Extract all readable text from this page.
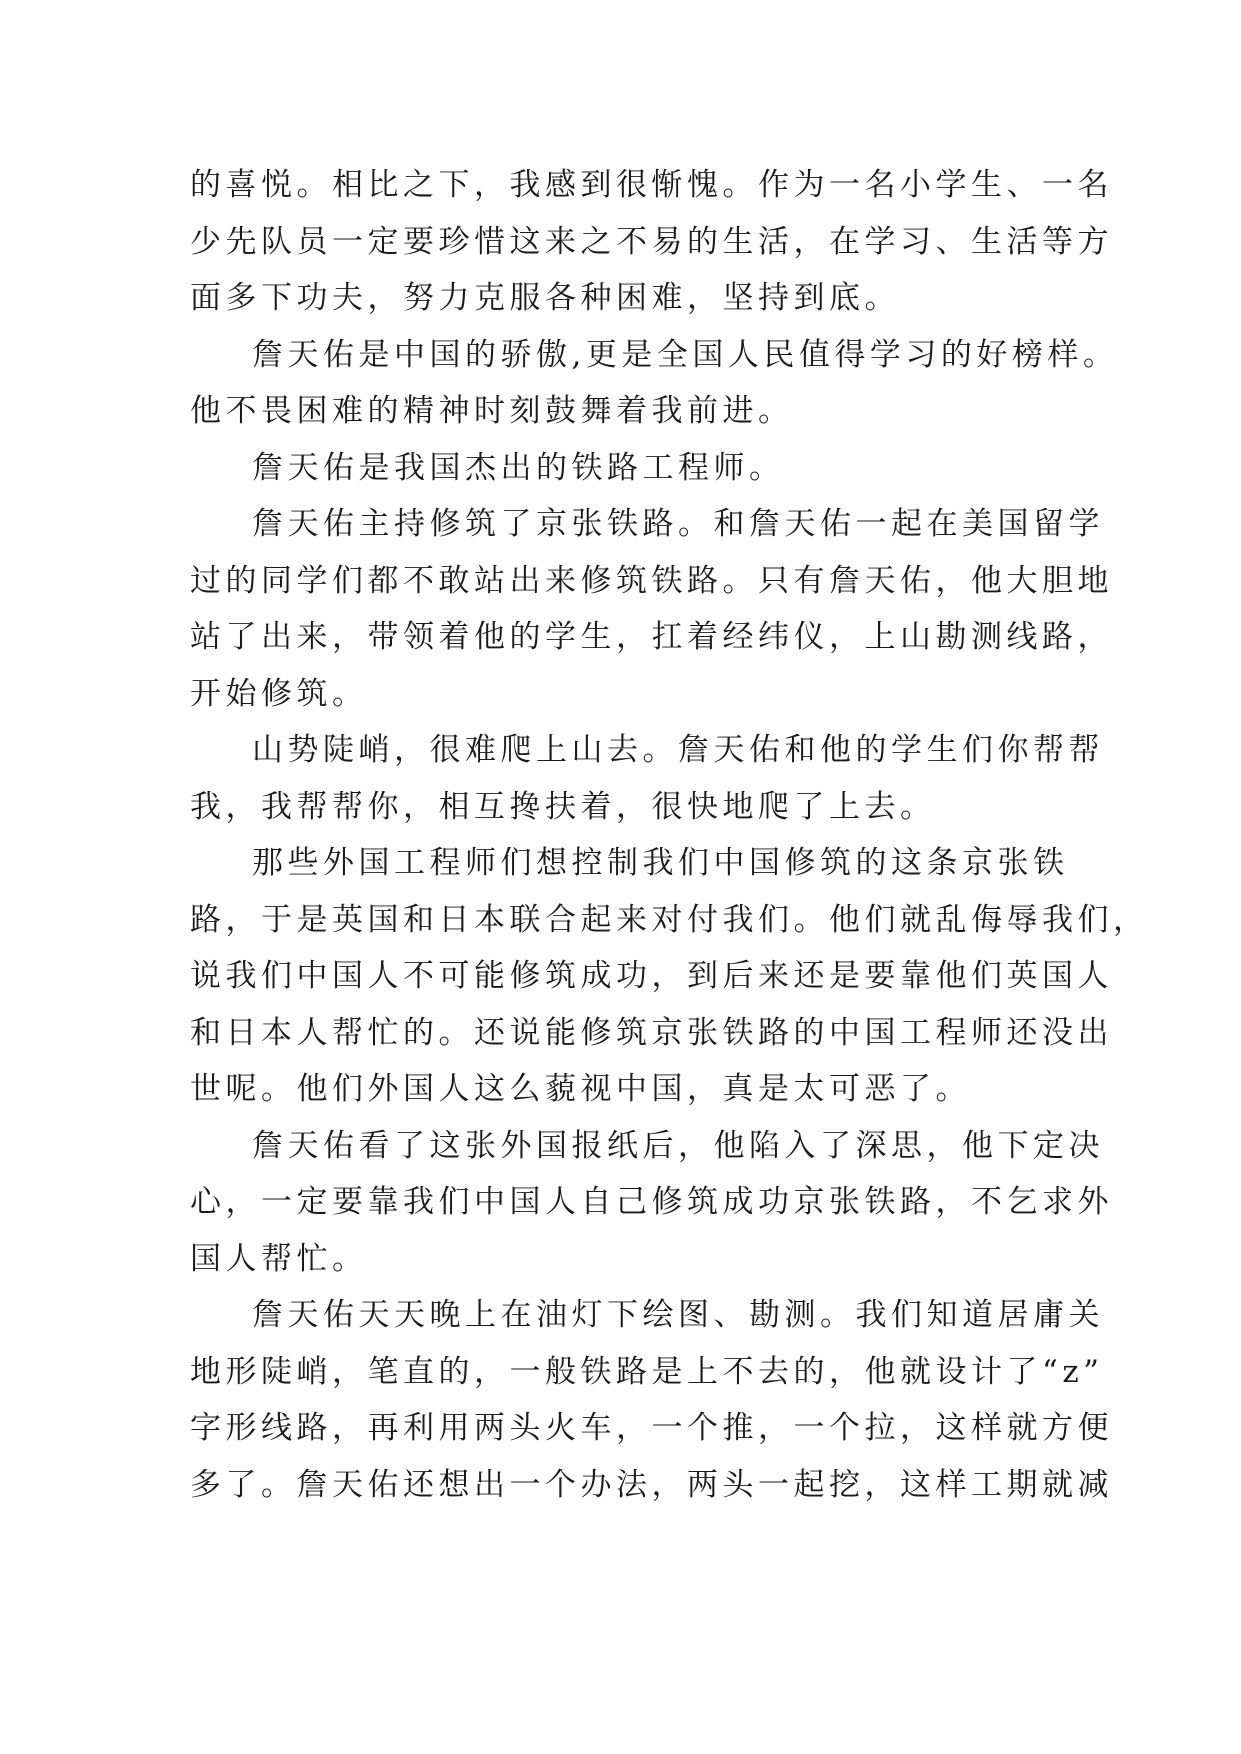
的喜悦。相比之下，我感到很惭愧。作为一名小学生、一名
少先队员一定要珍惜这来之不易的生活，在学习、生活等方
面多下功夫，努力克服各种困难，坚持到底。

詹天佑是中国的骄傲,更是全国人民值得学习的好榜样。
他不畏困难的精神时刻鼓舞着我前进。

詹天佑是我国杰出的铁路工程师。

詹天佑主持修筑了京张铁路。和詹天佑一起在美国留学
过的同学们都不敢站出来修筑铁路。只有詹天佑，他大胆地
站了出来，带领着他的学生，扛着经纬仪，上山勘测线路，
开始修筑。

山势陡峭，很难爬上山去。詹天佑和他的学生们你帮帮
我，我帮帮你，相互搀扶着，很快地爬了上去。

那些外国工程师们想控制我们中国修筑的这条京张铁
路，于是英国和日本联合起来对付我们。他们就乱侮辱我们，
说我们中国人不可能修筑成功，到后来还是要靠他们英国人
和日本人帮忙的。还说能修筑京张铁路的中国工程师还没出
世呢。他们外国人这么藐视中国，真是太可恶了。

詹天佑看了这张外国报纸后，他陷入了深思，他下定决
心，一定要靠我们中国人自己修筑成功京张铁路，不乞求外
国人帮忙。

詹天佑天天晚上在油灯下绘图、勘测。我们知道居庸关
地形陡峭，笔直的，一般铁路是上不去的，他就设计了“z”
字形线路，再利用两头火车，一个推，一个拉，这样就方便
多了。詹天佑还想出一个办法，两头一起挖，这样工期就减
